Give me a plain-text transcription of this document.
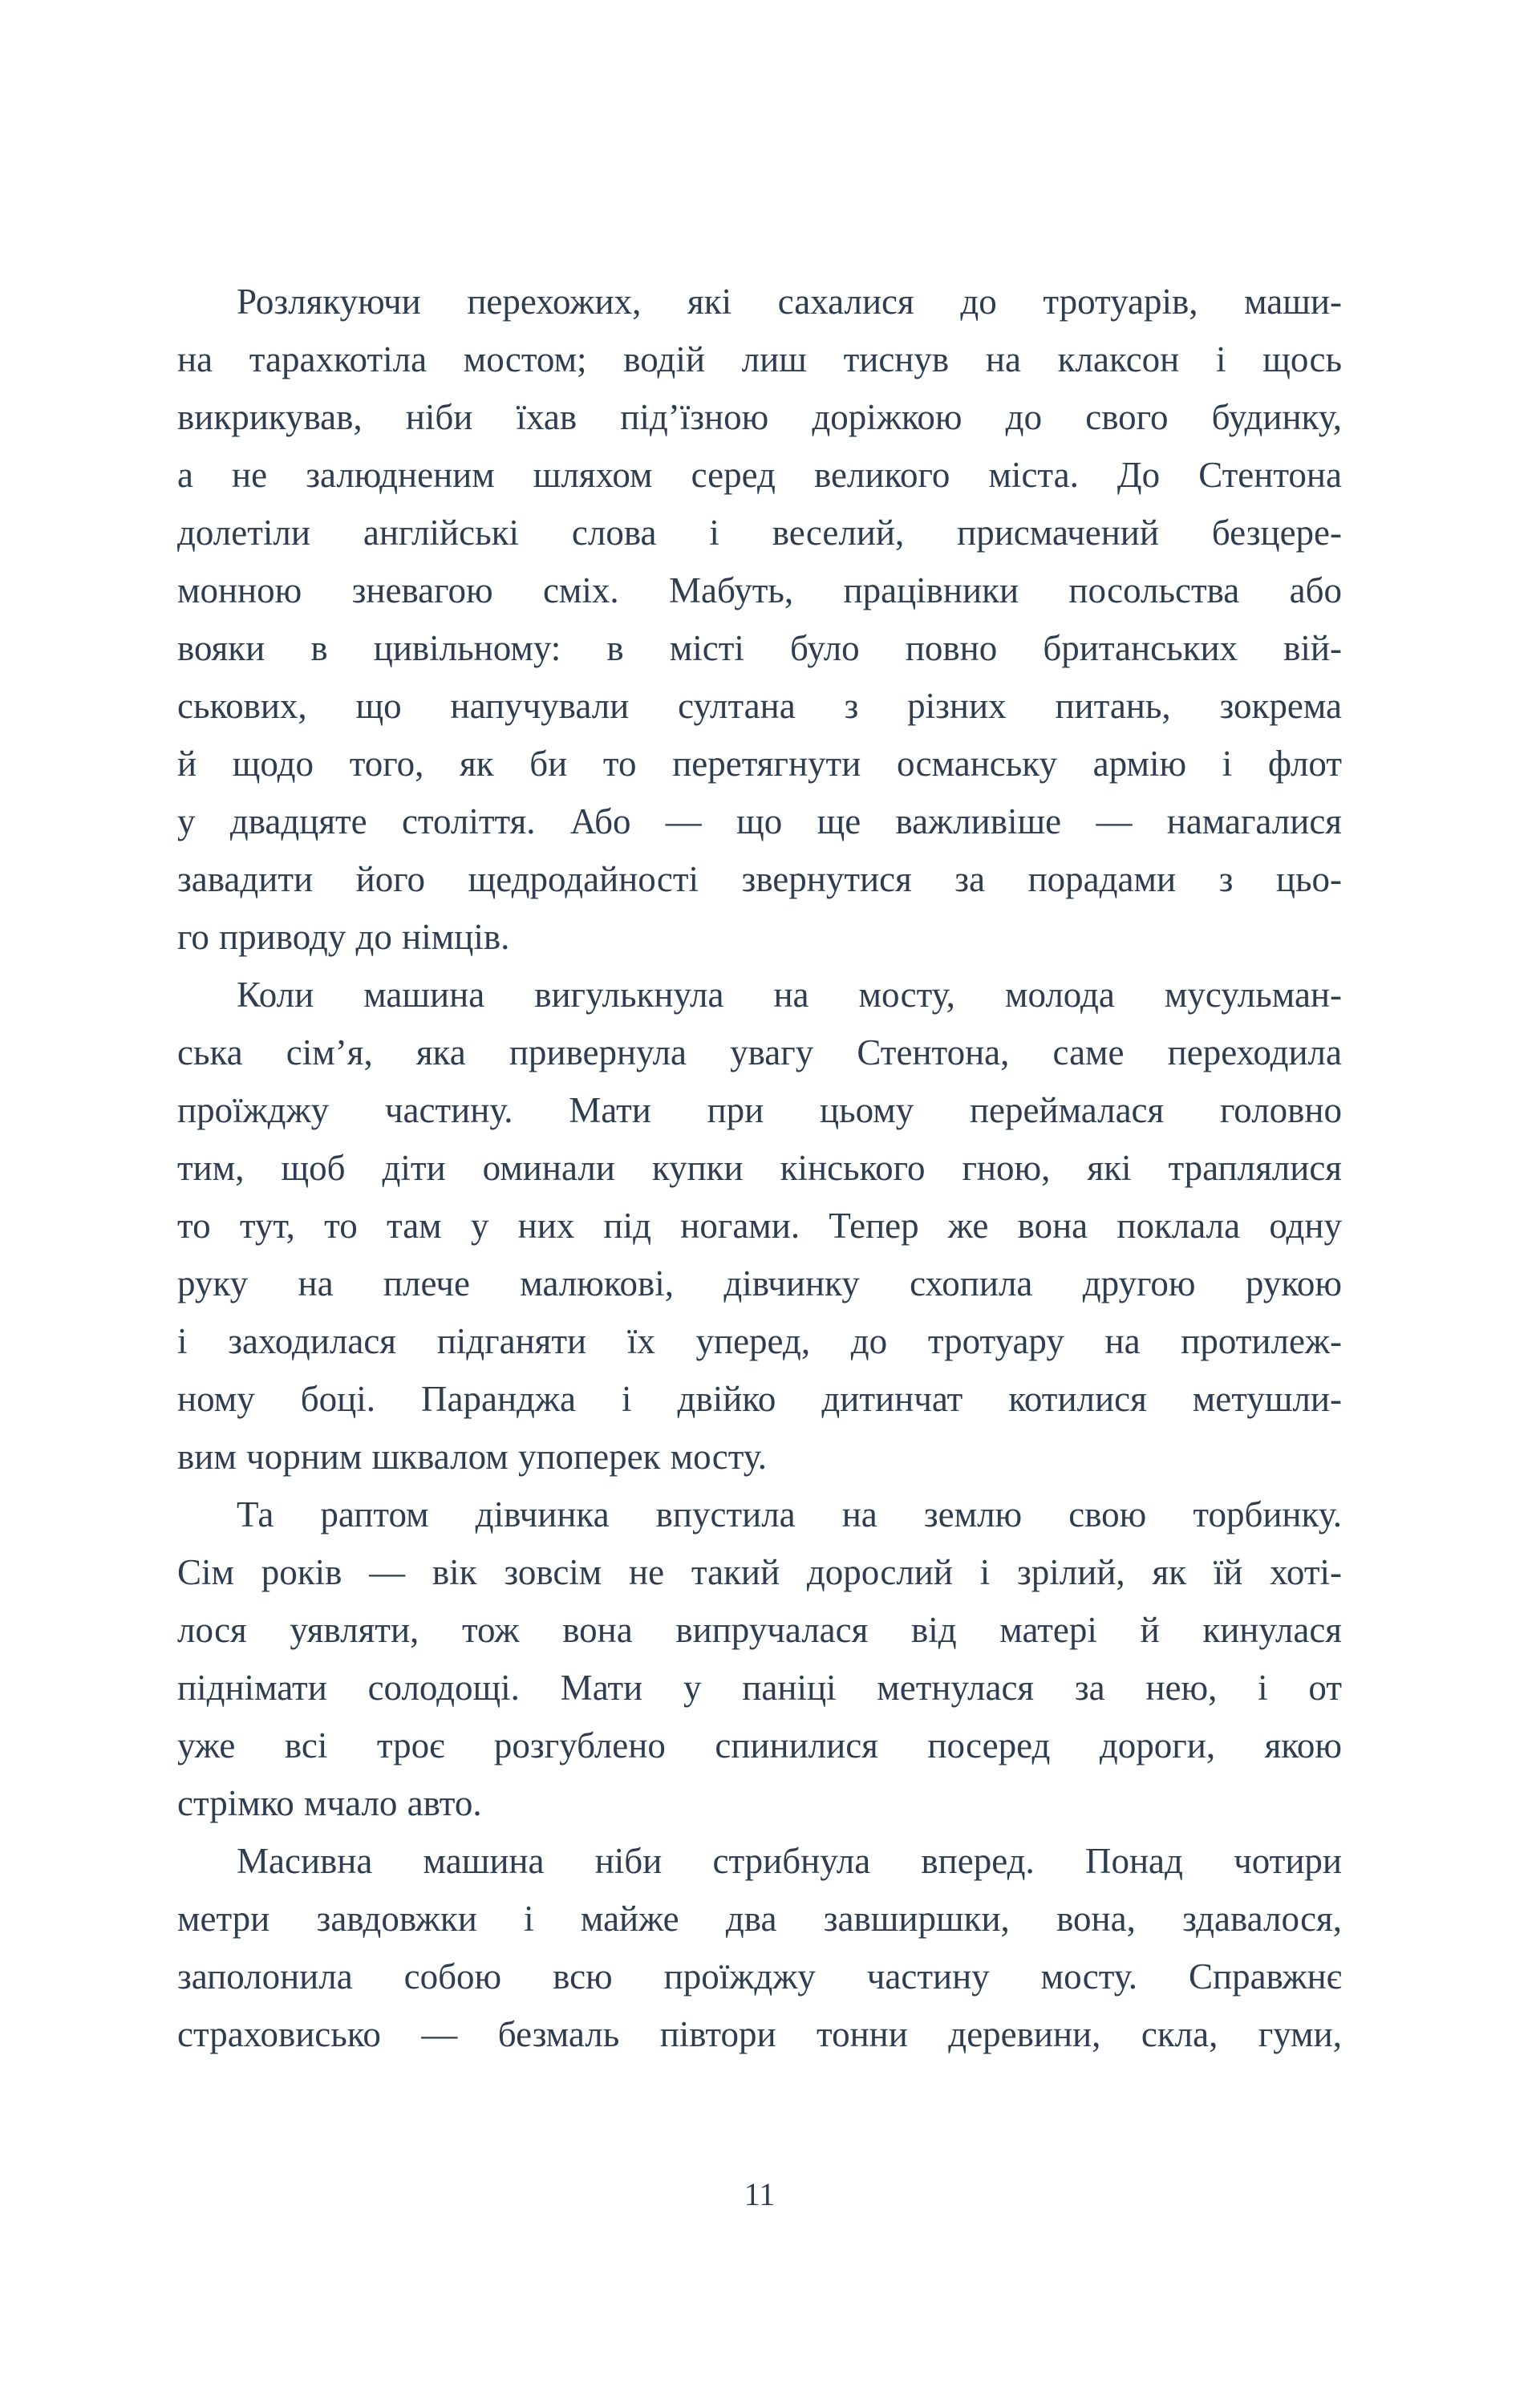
Розлякуючи перехожих, які сахалися до тротуарів, маши-
на тарахкотіла мостом; водій лиш тиснув на клаксон і щось
викрикував, ніби їхав під’їзною доріжкою до свого будинку,
а не залюдненим шляхом серед великого міста. До Стентона
долетіли англійські слова і веселий, присмачений безцере-
монною зневагою сміх. Мабуть, працівники посольства або
вояки в цивільному: в місті було повно британських вій-
ськових, що напучували султана з різних питань, зокрема
й щодо того, як би то перетягнути османську армію і флот
у двадцяте століття. Або — що ще важливіше — намагалися
завадити його щедродайності звернутися за порадами з цьо-
го приводу до німців.
Коли машина вигулькнула на мосту, молода мусульман-
ська сім’я, яка привернула увагу Стентона, саме переходила
проїжджу частину. Мати при цьому переймалася головно
тим, щоб діти оминали купки кінського гною, які траплялися
то тут, то там у них під ногами. Тепер же вона поклала одну
руку на плече малюкові, дівчинку схопила другою рукою
і заходилася підганяти їх уперед, до тротуару на протилеж-
ному боці. Паранджа і двійко дитинчат котилися метушли-
вим чорним шквалом упоперек мосту.
Та раптом дівчинка впустила на землю свою торбинку.
Сім років — вік зовсім не такий дорослий і зрілий, як їй хоті-
лося уявляти, тож вона випручалася від матері й кинулася
піднімати солодощі. Мати у паніці метнулася за нею, і от
уже всі троє розгублено спинилися посеред дороги, якою
стрімко мчало авто.
Масивна машина ніби стрибнула вперед. Понад чотири
метри завдовжки і майже два завширшки, вона, здавалося,
заполонила собою всю проїжджу частину мосту. Справжнє
страховисько — безмаль півтори тонни деревини, скла, гуми,
11
